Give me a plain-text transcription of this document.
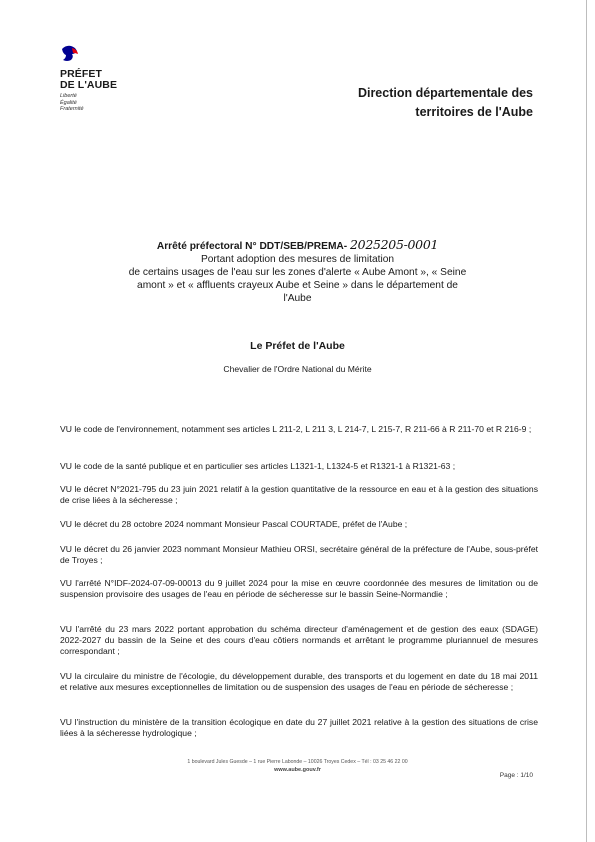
PRÉFET
DE L'AUBE
Liberté
Égalité
Fraternité
Direction départementale des
territoires de l'Aube
Arrêté préfectoral N° DDT/SEB/PREMA- 2025205-0001
Portant adoption des mesures de limitation
de certains usages de l'eau sur les zones d'alerte « Aube Amont », « Seine
amont » et « affluents crayeux Aube et Seine » dans le département de
l'Aube
Le Préfet de l'Aube
Chevalier de l'Ordre National du Mérite
VU le code de l'environnement, notamment ses articles L 211-2, L 211 3, L 214-7, L 215-7, R 211-66 à R 211-70 et R 216-9 ;
VU le code de la santé publique et en particulier ses articles L1321-1, L1324-5 et R1321-1 à R1321-63 ;
VU le décret N°2021-795 du 23 juin 2021 relatif à la gestion quantitative de la ressource en eau et à la gestion des situations de crise liées à la sécheresse ;
VU le décret du 28 octobre 2024 nommant Monsieur Pascal COURTADE, préfet de l'Aube ;
VU le décret du 26 janvier 2023 nommant Monsieur Mathieu ORSI, secrétaire général de la préfecture de l'Aube, sous-préfet de Troyes ;
VU l'arrêté N°IDF-2024-07-09-00013 du 9 juillet 2024 pour la mise en œuvre coordonnée des mesures de limitation ou de suspension provisoire des usages de l'eau en période de sécheresse sur le bassin Seine-Normandie ;
VU l'arrêté du 23 mars 2022 portant approbation du schéma directeur d'aménagement et de gestion des eaux (SDAGE) 2022-2027 du bassin de la Seine et des cours d'eau côtiers normands et arrêtant le programme pluriannuel de mesures correspondant ;
VU la circulaire du ministre de l'écologie, du développement durable, des transports et du logement en date du 18 mai 2011 et relative aux mesures exceptionnelles de limitation ou de suspension des usages de l'eau en période de sécheresse ;
VU l'instruction du ministère de la transition écologique en date du 27 juillet 2021 relative à la gestion des situations de crise liées à la sécheresse hydrologique ;
1 boulevard Jules Guesde – 1 rue Pierre Labonde – 10026 Troyes Cedex – Tél : 03 25 46 22 00
www.aube.gouv.fr
Page : 1/10
